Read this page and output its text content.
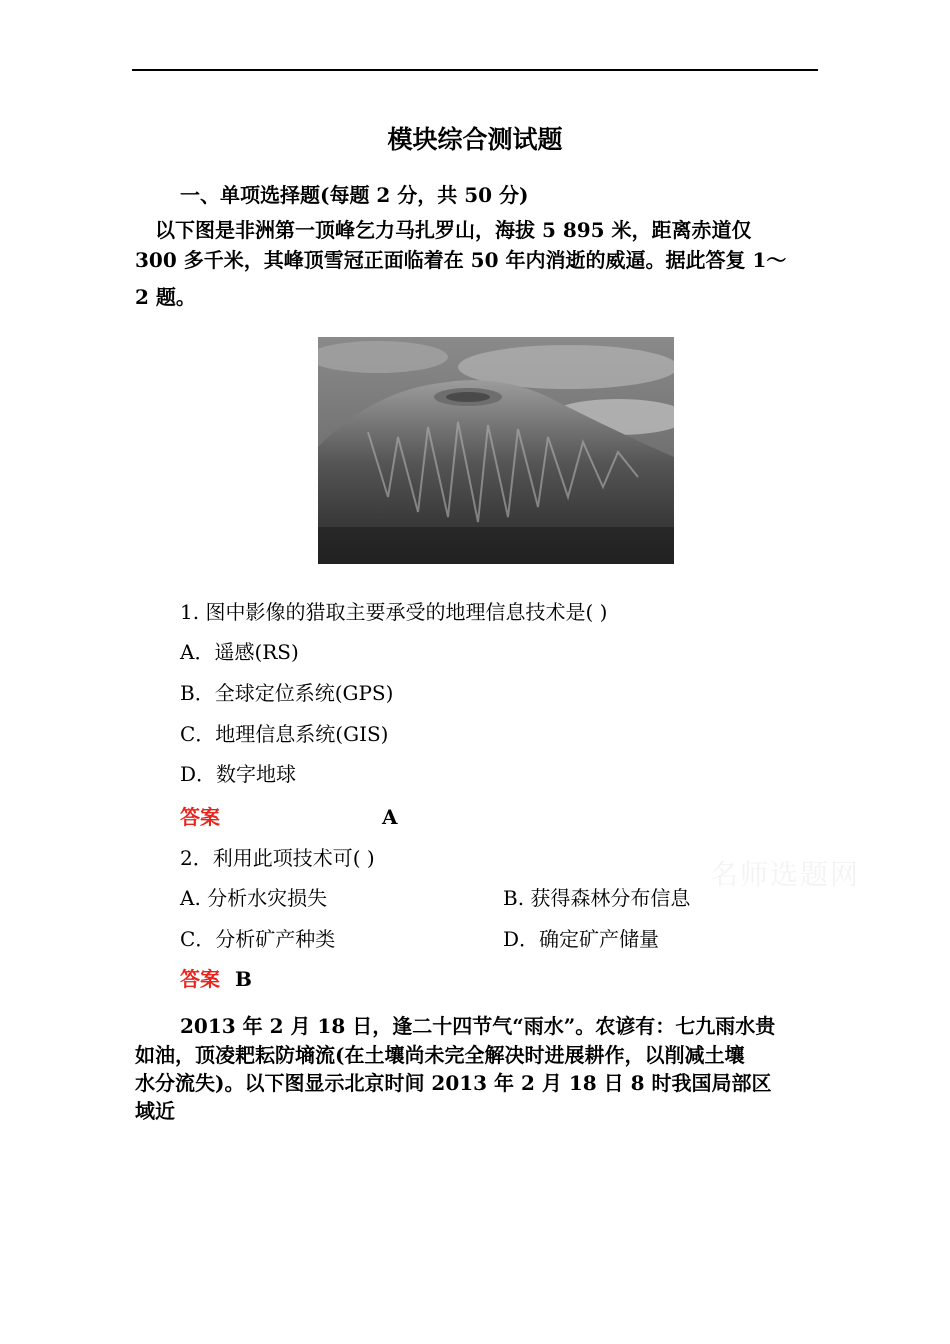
模块综合测试题
一、单项选择题(每题 2 分，共 50 分)
以下图是非洲第一顶峰乞力马扎罗山，海拔 5 895 米，距离赤道仅
300 多千米，其峰顶雪冠正面临着在 50 年内消逝的威逼。据此答复 1～
2 题。
1. 图中影像的猎取主要承受的地理信息技术是( )
A．遥感(RS)
B．全球定位系统(GPS)
C．地理信息系统(GIS)
D．数字地球
答案	A
2．利用此项技术可( )
A. 分析水灾损失	B. 获得森林分布信息
C．分析矿产种类	D．确定矿产储量
答案 B
名师选题网
2013 年 2 月 18 日，逢二十四节气“雨水”。农谚有：七九雨水贵
如油，顶凌耙耘防墒流(在土壤尚未完全解决时进展耕作，以削减土壤
水分流失)。以下图显示北京时间 2013 年 2 月 18 日 8 时我国局部区
域近
